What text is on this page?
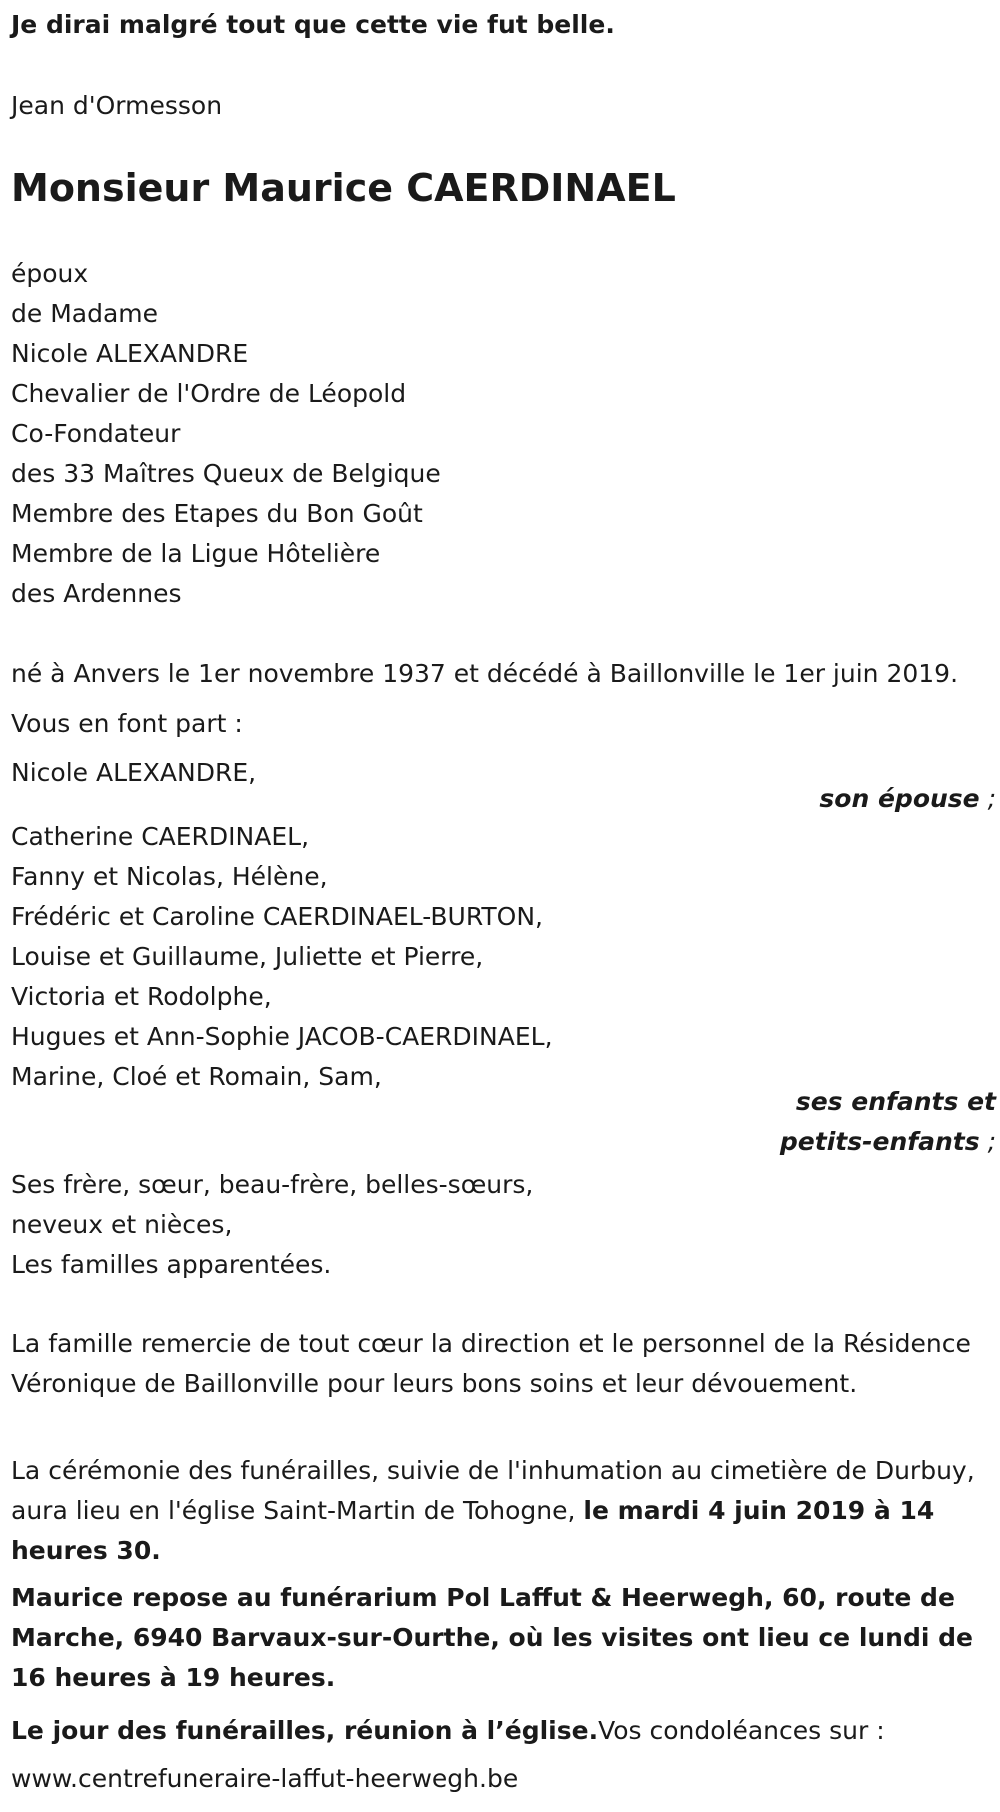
Je dirai malgré tout que cette vie fut belle.
Jean d'Ormesson
Monsieur Maurice CAERDINAEL
époux
de Madame
Nicole ALEXANDRE
Chevalier de l'Ordre de Léopold
Co-Fondateur
des 33 Maîtres Queux de Belgique
Membre des Etapes du Bon Goût
Membre de la Ligue Hôtelière
des Ardennes
né à Anvers le 1er novembre 1937 et décédé à Baillonville le 1er juin 2019.
Vous en font part :
Nicole ALEXANDRE,
son épouse ;
Catherine CAERDINAEL,
Fanny et Nicolas, Hélène,
Frédéric et Caroline CAERDINAEL-BURTON,
Louise et Guillaume, Juliette et Pierre,
Victoria et Rodolphe,
Hugues et Ann-Sophie JACOB-CAERDINAEL,
Marine, Cloé et Romain, Sam,
ses enfants et
petits-enfants ;
Ses frère, sœur, beau-frère, belles-sœurs,
neveux et nièces,
Les familles apparentées.
La famille remercie de tout cœur la direction et le personnel de la Résidence Véronique de Baillonville pour leurs bons soins et leur dévouement.
La cérémonie des funérailles, suivie de l'inhumation au cimetière de Durbuy, aura lieu en l'église Saint-Martin de Tohogne, le mardi 4 juin 2019 à 14 heures 30.
Maurice repose au funérarium Pol Laffut & Heerwegh, 60, route de Marche, 6940 Barvaux-sur-Ourthe, où les visites ont lieu ce lundi de 16 heures à 19 heures.
Le jour des funérailles, réunion à l’église.Vos condoléances sur :
www.centrefuneraire-laffut-heerwegh.be
